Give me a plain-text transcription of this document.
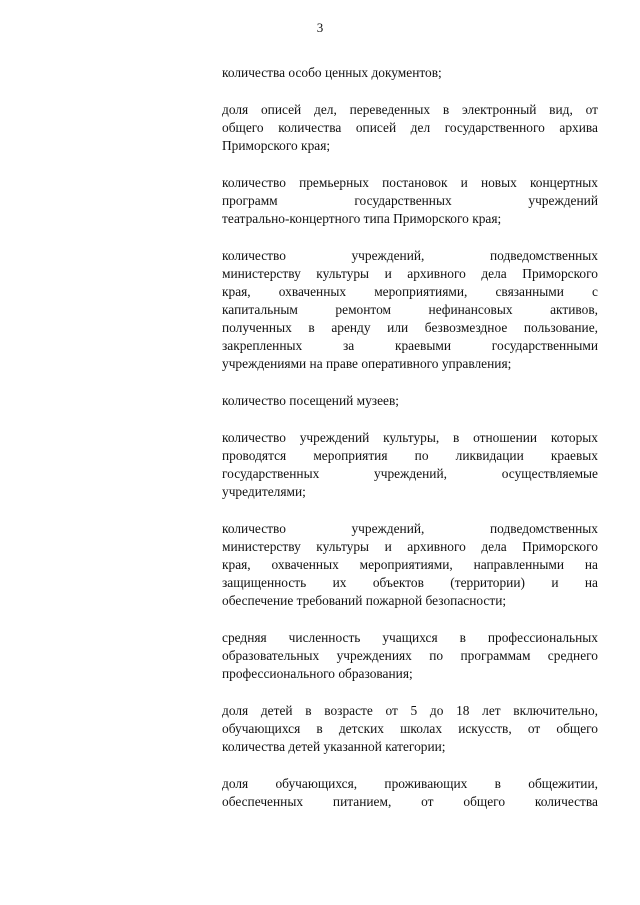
3

количества особо ценных документов;

доля описей дел, переведенных в электронный вид, от
общего количества описей дел государственного архива
Приморского края;

количество премьерных постановок и новых концертных
программ государственных учреждений
театрально-концертного типа Приморского края;

количество учреждений, подведомственных
министерству культуры и архивного дела Приморского
края, охваченных мероприятиями, связанными с
капитальным ремонтом нефинансовых активов,
полученных в аренду или безвозмездное пользование,
закрепленных за краевыми государственными
учреждениями на праве оперативного управления;

количество посещений музеев;

количество учреждений культуры, в отношении которых
проводятся мероприятия по ликвидации краевых
государственных учреждений, осуществляемые
учредителями;

количество учреждений, подведомственных
министерству культуры и архивного дела Приморского
края, охваченных мероприятиями, направленными на
защищенность их объектов (территории) и на
обеспечение требований пожарной безопасности;

средняя численность учащихся в профессиональных
образовательных учреждениях по программам среднего
профессионального образования;

доля детей в возрасте от 5 до 18 лет включительно,
обучающихся в детских школах искусств, от общего
количества детей указанной категории;

доля обучающихся, проживающих в общежитии,
обеспеченных питанием, от общего количества
